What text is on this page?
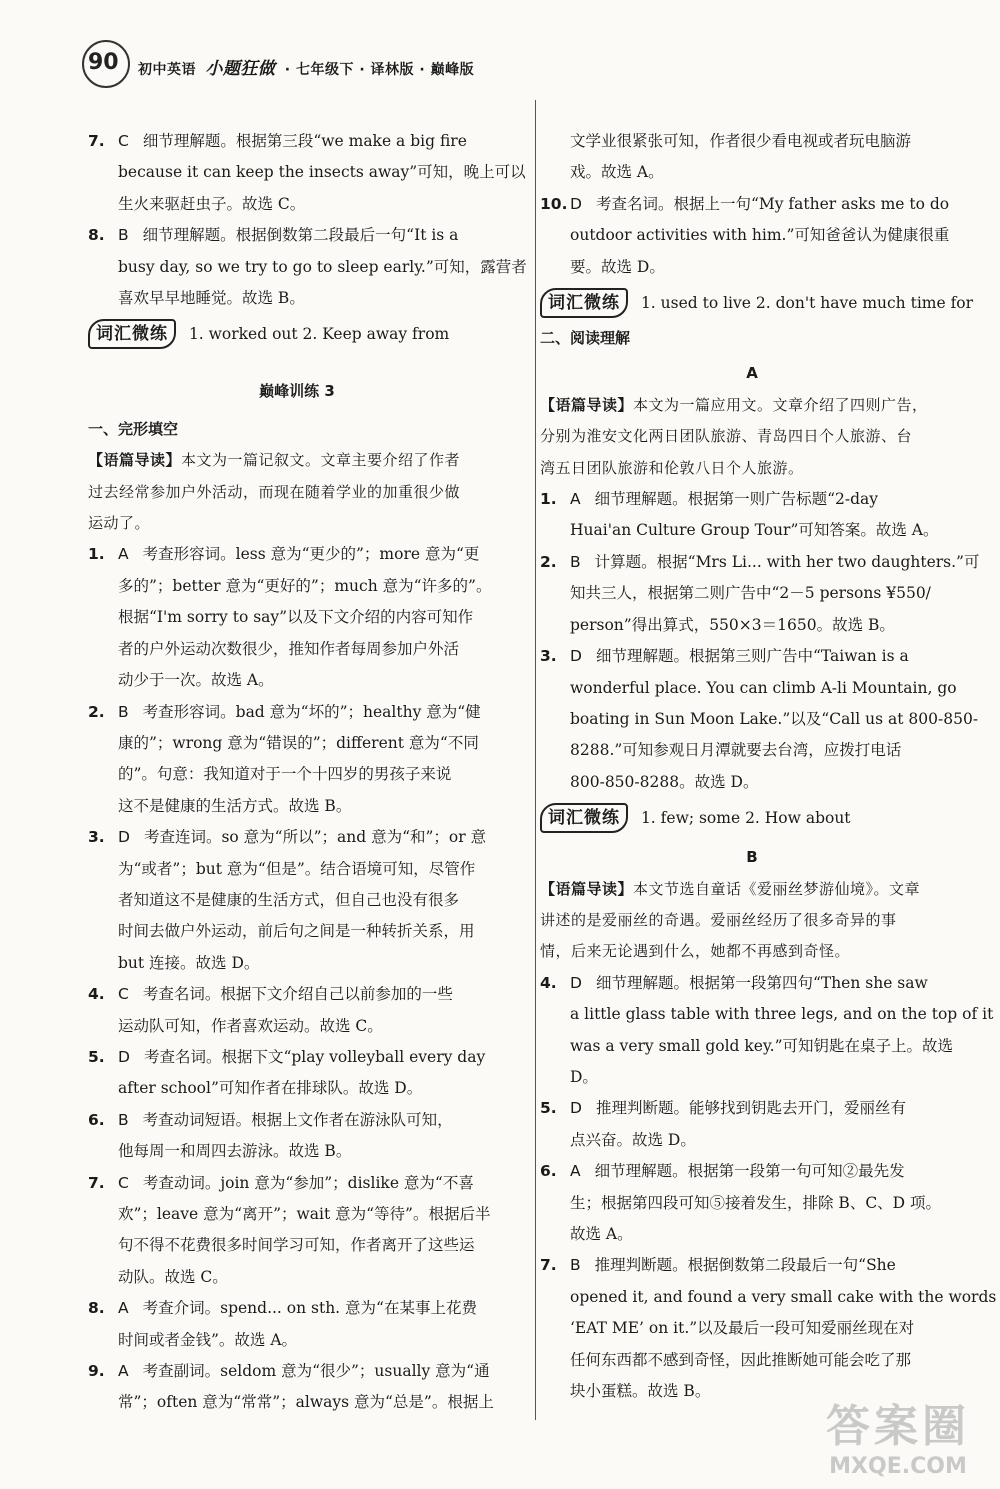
90 初中英语 小题狂做 · 七年级下 · 译林版 · 巅峰版
7. C 细节理解题。根据第三段“we make a big fire
because it can keep the insects away”可知，晚上可以
生火来驱赶虫子。故选 C。
8. B 细节理解题。根据倒数第二段最后一句“It is a
busy day, so we try to go to sleep early.”可知，露营者
喜欢早早地睡觉。故选 B。
词汇微练 1. worked out 2. Keep away from
巅峰训练 3
一、完形填空
【语篇导读】本文为一篇记叙文。文章主要介绍了作者
过去经常参加户外活动，而现在随着学业的加重很少做
运动了。
1. A 考查形容词。less 意为“更少的”；more 意为“更
多的”；better 意为“更好的”；much 意为“许多的”。
根据“I'm sorry to say”以及下文介绍的内容可知作
者的户外运动次数很少，推知作者每周参加户外活
动少于一次。故选 A。
2. B 考查形容词。bad 意为“坏的”；healthy 意为“健
康的”；wrong 意为“错误的”；different 意为“不同
的”。句意：我知道对于一个十四岁的男孩子来说
这不是健康的生活方式。故选 B。
3. D 考查连词。so 意为“所以”；and 意为“和”；or 意
为“或者”；but 意为“但是”。结合语境可知，尽管作
者知道这不是健康的生活方式，但自己也没有很多
时间去做户外运动，前后句之间是一种转折关系，用
but 连接。故选 D。
4. C 考查名词。根据下文介绍自己以前参加的一些
运动队可知，作者喜欢运动。故选 C。
5. D 考查名词。根据下文“play volleyball every day
after school”可知作者在排球队。故选 D。
6. B 考查动词短语。根据上文作者在游泳队可知，
他每周一和周四去游泳。故选 B。
7. C 考查动词。join 意为“参加”；dislike 意为“不喜
欢”；leave 意为“离开”；wait 意为“等待”。根据后半
句不得不花费很多时间学习可知，作者离开了这些运
动队。故选 C。
8. A 考查介词。spend... on sth. 意为“在某事上花费
时间或者金钱”。故选 A。
9. A 考查副词。seldom 意为“很少”；usually 意为“通
常”；often 意为“常常”；always 意为“总是”。根据上
文学业很紧张可知，作者很少看电视或者玩电脑游
戏。故选 A。
10. D 考查名词。根据上一句“My father asks me to do
outdoor activities with him.”可知爸爸认为健康很重
要。故选 D。
词汇微练 1. used to live 2. don't have much time for
二、阅读理解
A
【语篇导读】本文为一篇应用文。文章介绍了四则广告，
分别为淮安文化两日团队旅游、青岛四日个人旅游、台
湾五日团队旅游和伦敦八日个人旅游。
1. A 细节理解题。根据第一则广告标题“2-day
Huai'an Culture Group Tour”可知答案。故选 A。
2. B 计算题。根据“Mrs Li... with her two daughters.”可
知共三人，根据第二则广告中“2－5 persons ¥550/
person”得出算式，550×3＝1650。故选 B。
3. D 细节理解题。根据第三则广告中“Taiwan is a
wonderful place. You can climb A-li Mountain, go
boating in Sun Moon Lake.”以及“Call us at 800-850-
8288.”可知参观日月潭就要去台湾，应拨打电话
800-850-8288。故选 D。
词汇微练 1. few; some 2. How about
B
【语篇导读】本文节选自童话《爱丽丝梦游仙境》。文章
讲述的是爱丽丝的奇遇。爱丽丝经历了很多奇异的事
情，后来无论遇到什么，她都不再感到奇怪。
4. D 细节理解题。根据第一段第四句“Then she saw
a little glass table with three legs, and on the top of it
was a very small gold key.”可知钥匙在桌子上。故选
D。
5. D 推理判断题。能够找到钥匙去开门，爱丽丝有
点兴奋。故选 D。
6. A 细节理解题。根据第一段第一句可知②最先发
生；根据第四段可知⑤接着发生，排除 B、C、D 项。
故选 A。
7. B 推理判断题。根据倒数第二段最后一句“She
opened it, and found a very small cake with the words
‘EAT ME’ on it.”以及最后一段可知爱丽丝现在对
任何东西都不感到奇怪，因此推断她可能会吃了那
块小蛋糕。故选 B。
答案圈
MXQE.COM
